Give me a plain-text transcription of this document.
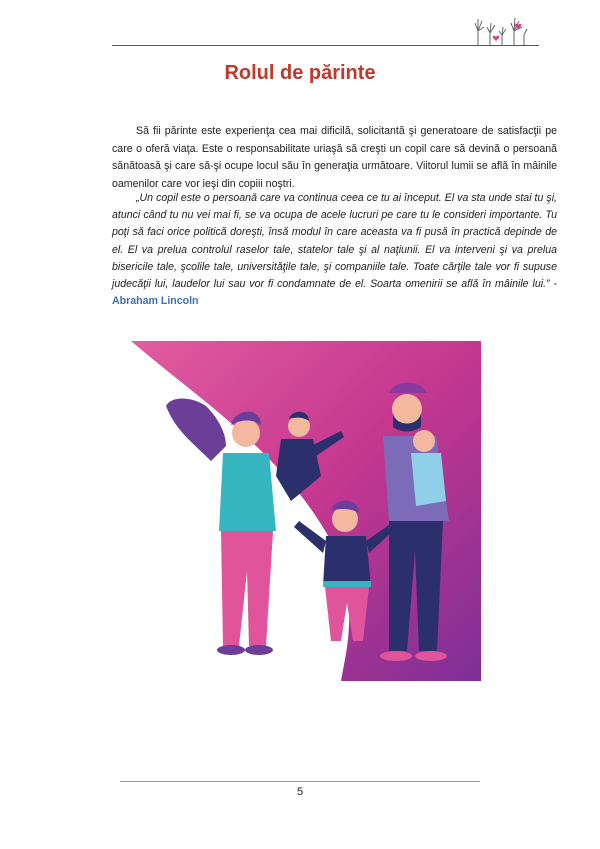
Rolul de părinte

Să fii părinte este experienţa cea mai dificilă, solicitantă şi generatoare de satisfacţii pe care o oferă viaţa. Este o responsabilitate uriaşă să creşti un copil care să devină o persoană sănătoasă şi care să-şi ocupe locul său în generaţia următoare. Viitorul lumii se află în mâinile oamenilor care vor ieşi din copiii noştri.

„Un copil este o persoană care va continua ceea ce tu ai început. El va sta unde stai tu şi, atunci când tu nu vei mai fi, se va ocupa de acele lucruri pe care tu le consideri importante. Tu poţi să faci orice politică doreşti, însă modul în care aceasta va fi pusă în practică depinde de el. El va prelua controlul raselor tale, statelor tale şi al naţiunii. El va interveni şi va prelua bisericile tale, şcolile tale, universităţile tale, şi companiile tale. Toate cărţile tale vor fi supuse judecăţii lui, laudelor lui sau vor fi condamnate de el. Soarta omenirii se află în mâinile lui.” - Abraham Lincoln

5
